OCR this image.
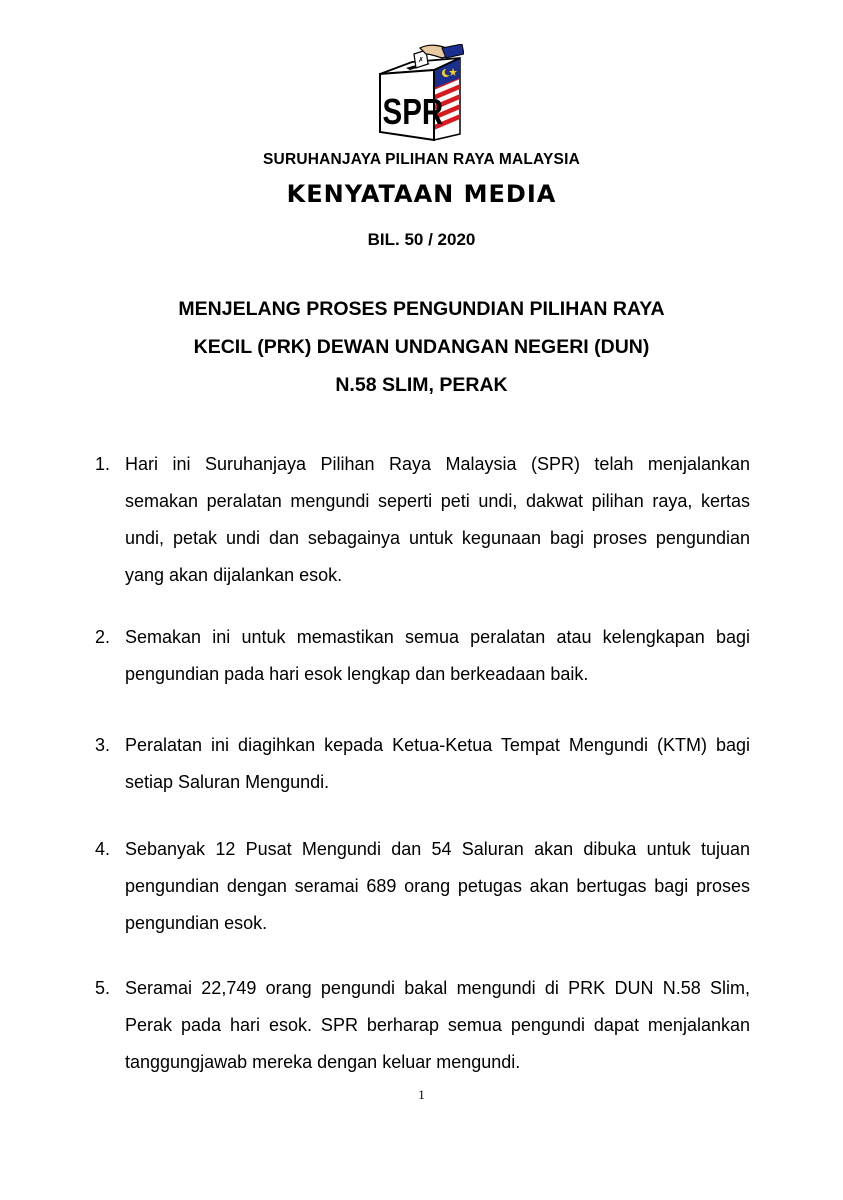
✗
SPR
SURUHANJAYA PILIHAN RAYA MALAYSIA
KENYATAAN MEDIA
BIL. 50 / 2020
MENJELANG PROSES PENGUNDIAN PILIHAN RAYA
KECIL (PRK) DEWAN UNDANGAN NEGERI (DUN)
N.58 SLIM, PERAK
1. Hari ini Suruhanjaya Pilihan Raya Malaysia (SPR) telah menjalankan semakan peralatan mengundi seperti peti undi, dakwat pilihan raya, kertas undi, petak undi dan sebagainya untuk kegunaan bagi proses pengundian yang akan dijalankan esok.
2. Semakan ini untuk memastikan semua peralatan atau kelengkapan bagi pengundian pada hari esok lengkap dan berkeadaan baik.
3. Peralatan ini diagihkan kepada Ketua-Ketua Tempat Mengundi (KTM) bagi setiap Saluran Mengundi.
4. Sebanyak 12 Pusat Mengundi dan 54 Saluran akan dibuka untuk tujuan pengundian dengan seramai 689 orang petugas akan bertugas bagi proses pengundian esok.
5. Seramai 22,749 orang pengundi bakal mengundi di PRK DUN N.58 Slim, Perak pada hari esok. SPR berharap semua pengundi dapat menjalankan tanggungjawab mereka dengan keluar mengundi.
1
